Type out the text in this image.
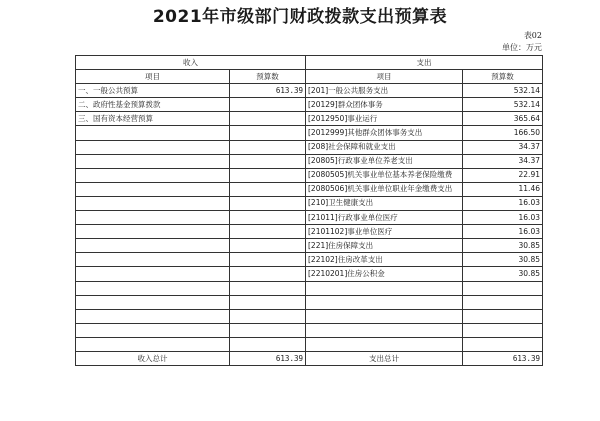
2021年市级部门财政拨款支出预算表
表02
单位：万元
收入		支出	
项目	预算数	项目	预算数
一、一般公共预算	613.39	[201]一般公共服务支出	532.14
二、政府性基金预算拨款		[20129]群众团体事务	532.14
三、国有资本经营预算		[2012950]事业运行	365.64
		[2012999]其他群众团体事务支出	166.50
		[208]社会保障和就业支出	34.37
		[20805]行政事业单位养老支出	34.37
		[2080505]机关事业单位基本养老保险缴费	22.91
		[2080506]机关事业单位职业年金缴费支出	11.46
		[210]卫生健康支出	16.03
		[21011]行政事业单位医疗	16.03
		[2101102]事业单位医疗	16.03
		[221]住房保障支出	30.85
		[22102]住房改革支出	30.85
		[2210201]住房公积金	30.85

收入总计	613.39	支出总计	613.39
